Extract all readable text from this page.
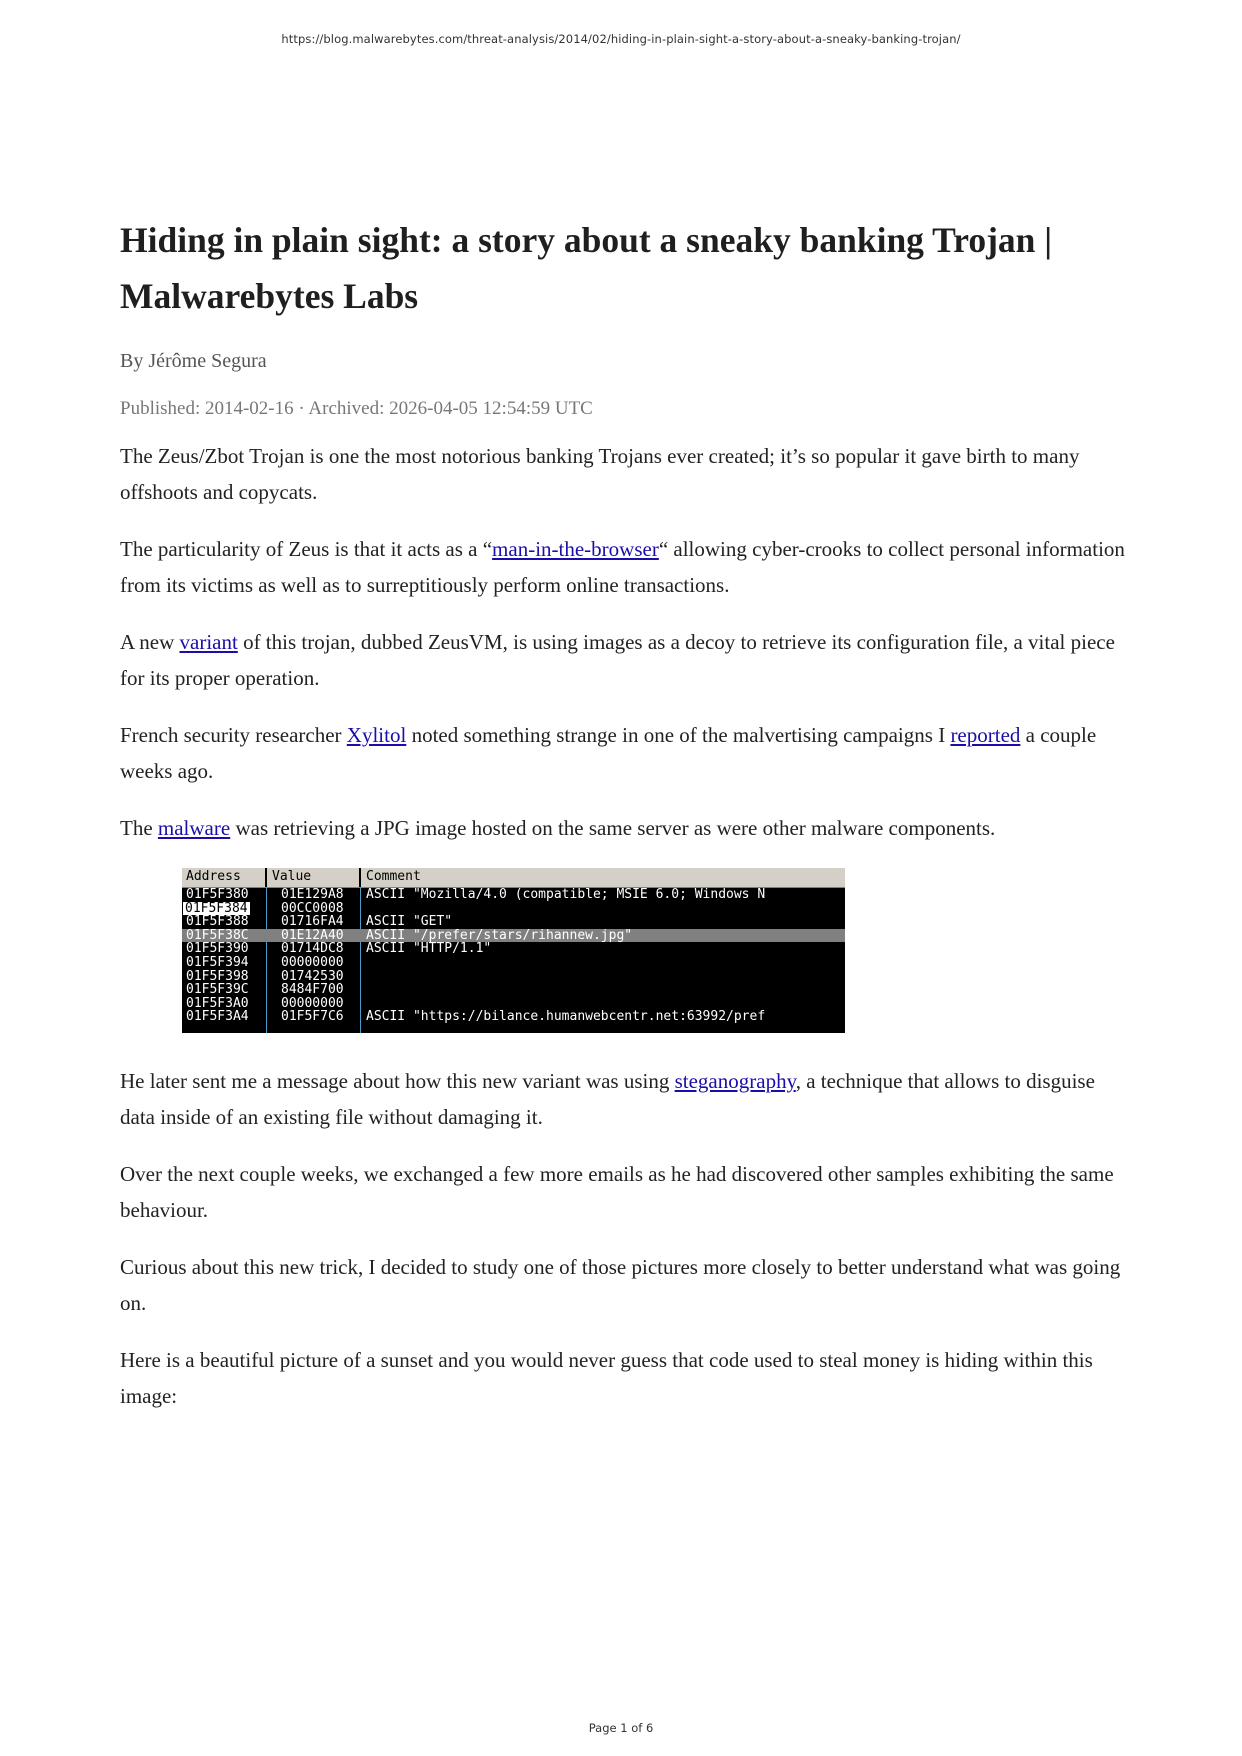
https://blog.malwarebytes.com/threat-analysis/2014/02/hiding-in-plain-sight-a-story-about-a-sneaky-banking-trojan/
Hiding in plain sight: a story about a sneaky banking Trojan | Malwarebytes Labs
By Jérôme Segura
Published: 2014-02-16 · Archived: 2026-04-05 12:54:59 UTC

The Zeus/Zbot Trojan is one the most notorious banking Trojans ever created; it’s so popular it gave birth to many offshoots and copycats.

The particularity of Zeus is that it acts as a “man-in-the-browser“ allowing cyber-crooks to collect personal information from its victims as well as to surreptitiously perform online transactions.

A new variant of this trojan, dubbed ZeusVM, is using images as a decoy to retrieve its configuration file, a vital piece for its proper operation.

French security researcher Xylitol noted something strange in one of the malvertising campaigns I reported a couple weeks ago.

The malware was retrieving a JPG image hosted on the same server as were other malware components.

Address Value	Comment
01F5F380 01E129A8 ASCII "Mozilla/4.0 (compatible; MSIE 6.0; Windows N
01F5F384	00CC0008
01F5F388 01716FA4 ASCII "GET"
01F5F38C 01E12A40 ASCII "/prefer/stars/rihannew.jpg"
01F5F390 01714DC8 ASCII "HTTP/1.1"
01F5F394 00000000
01F5F398 01742530
01F5F39C 8484F700
01F5F3A0 00000000
01F5F3A4 01F5F7C6 ASCII "https://bilance.humanwebcentr.net:63992/pref

He later sent me a message about how this new variant was using steganography, a technique that allows to disguise data inside of an existing file without damaging it.

Over the next couple weeks, we exchanged a few more emails as he had discovered other samples exhibiting the same behaviour.

Curious about this new trick, I decided to study one of those pictures more closely to better understand what was going on.

Here is a beautiful picture of a sunset and you would never guess that code used to steal money is hiding within this image:

Page 1 of 6
